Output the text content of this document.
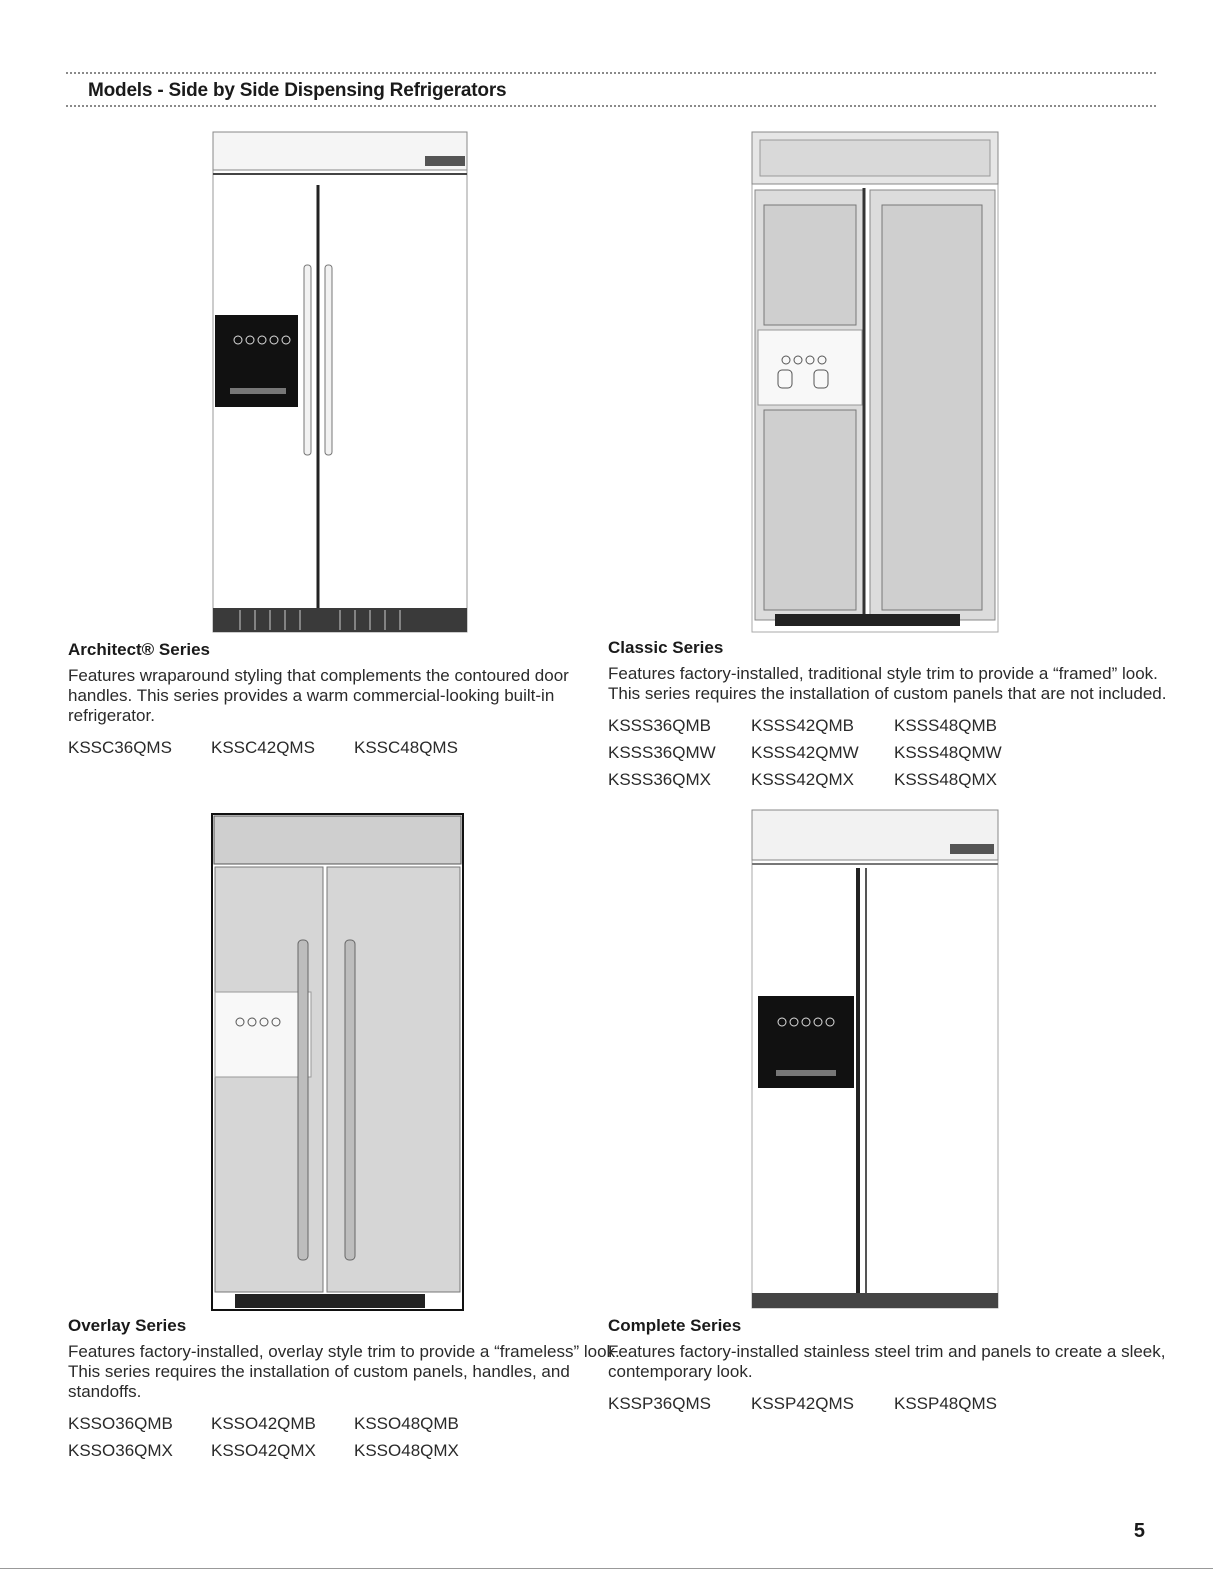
Models - Side by Side Dispensing Refrigerators
Architect® Series
Features wraparound styling that complements the contoured door handles. This series provides a warm commercial-looking built-in refrigerator.
KSSC36QMS	KSSC42QMS	KSSC48QMS
Classic Series
Features factory-installed, traditional style trim to provide a “framed” look. This series requires the installation of custom panels that are not included.
KSSS36QMB	KSSS42QMB	KSSS48QMB
KSSS36QMW	KSSS42QMW	KSSS48QMW
KSSS36QMX	KSSS42QMX	KSSS48QMX
Overlay Series
Features factory-installed, overlay style trim to provide a “frameless” look. This series requires the installation of custom panels, handles, and standoffs.
KSSO36QMB	KSSO42QMB	KSSO48QMB
KSSO36QMX	KSSO42QMX	KSSO48QMX
Complete Series
Features factory-installed stainless steel trim and panels to create a sleek, contemporary look.
KSSP36QMS	KSSP42QMS	KSSP48QMS
5
